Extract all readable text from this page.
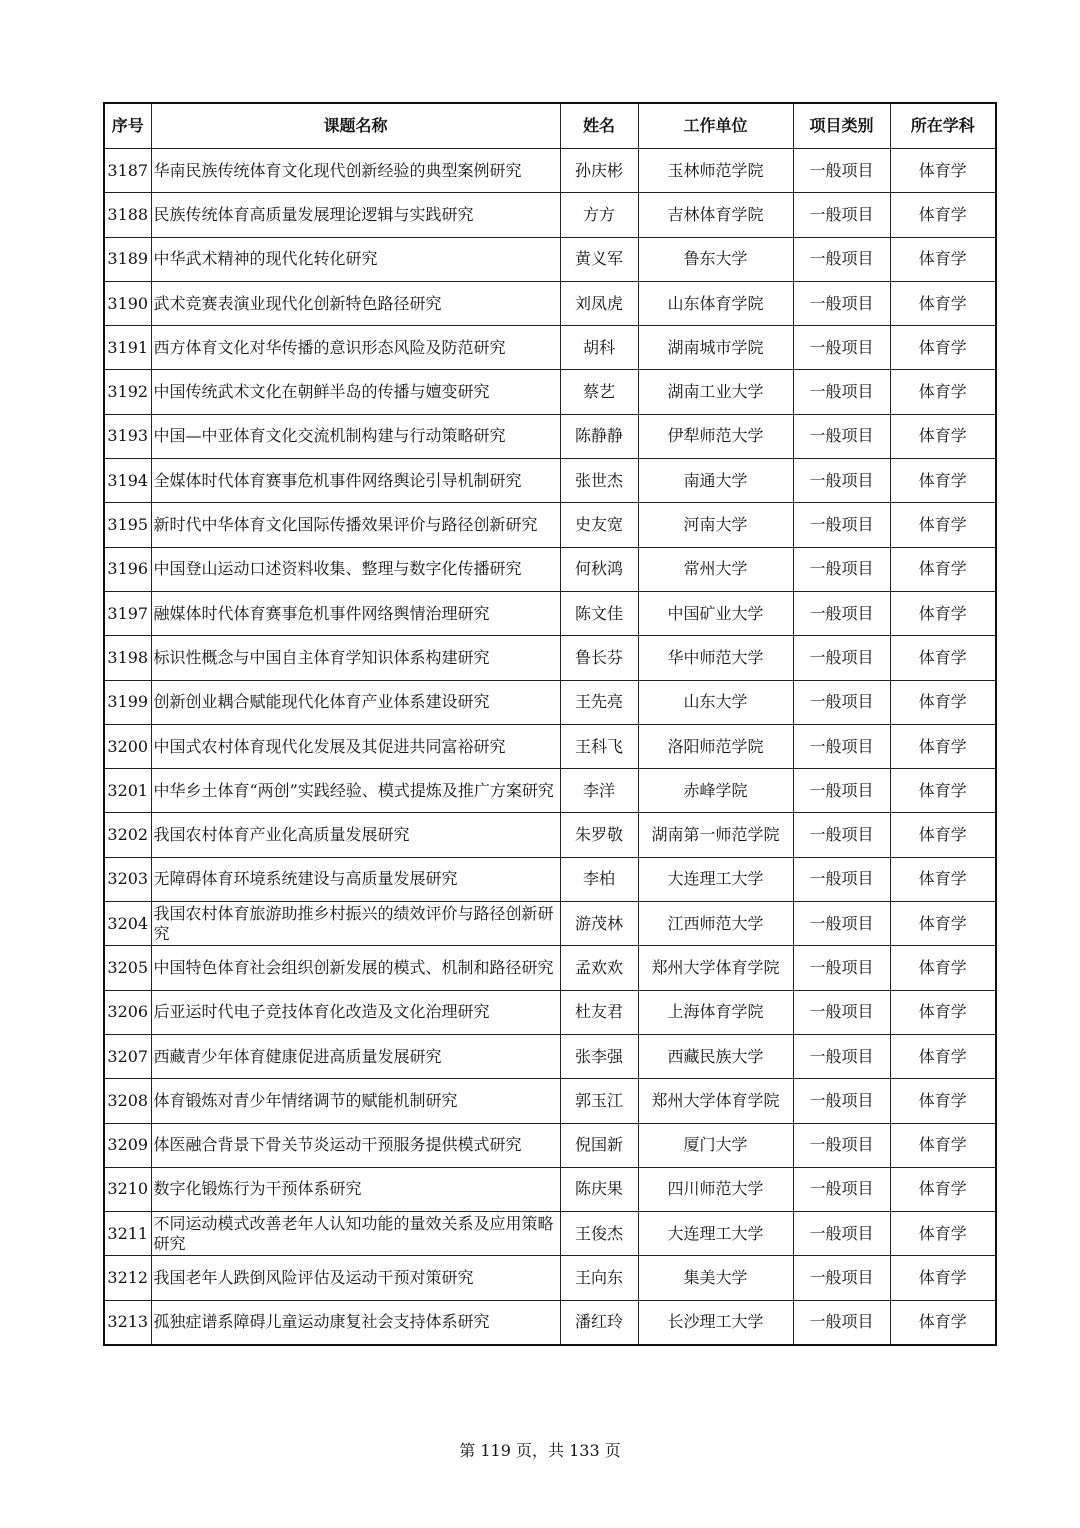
序号	课题名称	姓名	工作单位	项目类别	所在学科
3187	华南民族传统体育文化现代创新经验的典型案例研究	孙庆彬	玉林师范学院	一般项目	体育学
3188	民族传统体育高质量发展理论逻辑与实践研究	方方	吉林体育学院	一般项目	体育学
3189	中华武术精神的现代化转化研究	黄义军	鲁东大学	一般项目	体育学
3190	武术竞赛表演业现代化创新特色路径研究	刘凤虎	山东体育学院	一般项目	体育学
3191	西方体育文化对华传播的意识形态风险及防范研究	胡科	湖南城市学院	一般项目	体育学
3192	中国传统武术文化在朝鲜半岛的传播与嬗变研究	蔡艺	湖南工业大学	一般项目	体育学
3193	中国—中亚体育文化交流机制构建与行动策略研究	陈静静	伊犁师范大学	一般项目	体育学
3194	全媒体时代体育赛事危机事件网络舆论引导机制研究	张世杰	南通大学	一般项目	体育学
3195	新时代中华体育文化国际传播效果评价与路径创新研究	史友宽	河南大学	一般项目	体育学
3196	中国登山运动口述资料收集、整理与数字化传播研究	何秋鸿	常州大学	一般项目	体育学
3197	融媒体时代体育赛事危机事件网络舆情治理研究	陈文佳	中国矿业大学	一般项目	体育学
3198	标识性概念与中国自主体育学知识体系构建研究	鲁长芬	华中师范大学	一般项目	体育学
3199	创新创业耦合赋能现代化体育产业体系建设研究	王先亮	山东大学	一般项目	体育学
3200	中国式农村体育现代化发展及其促进共同富裕研究	王科飞	洛阳师范学院	一般项目	体育学
3201	中华乡土体育“两创”实践经验、模式提炼及推广方案研究	李洋	赤峰学院	一般项目	体育学
3202	我国农村体育产业化高质量发展研究	朱罗敬	湖南第一师范学院	一般项目	体育学
3203	无障碍体育环境系统建设与高质量发展研究	李柏	大连理工大学	一般项目	体育学
3204	我国农村体育旅游助推乡村振兴的绩效评价与路径创新研究	游茂林	江西师范大学	一般项目	体育学
3205	中国特色体育社会组织创新发展的模式、机制和路径研究	孟欢欢	郑州大学体育学院	一般项目	体育学
3206	后亚运时代电子竞技体育化改造及文化治理研究	杜友君	上海体育学院	一般项目	体育学
3207	西藏青少年体育健康促进高质量发展研究	张李强	西藏民族大学	一般项目	体育学
3208	体育锻炼对青少年情绪调节的赋能机制研究	郭玉江	郑州大学体育学院	一般项目	体育学
3209	体医融合背景下骨关节炎运动干预服务提供模式研究	倪国新	厦门大学	一般项目	体育学
3210	数字化锻炼行为干预体系研究	陈庆果	四川师范大学	一般项目	体育学
3211	不同运动模式改善老年人认知功能的量效关系及应用策略研究	王俊杰	大连理工大学	一般项目	体育学
3212	我国老年人跌倒风险评估及运动干预对策研究	王向东	集美大学	一般项目	体育学
3213	孤独症谱系障碍儿童运动康复社会支持体系研究	潘红玲	长沙理工大学	一般项目	体育学
第 119 页，共 133 页
